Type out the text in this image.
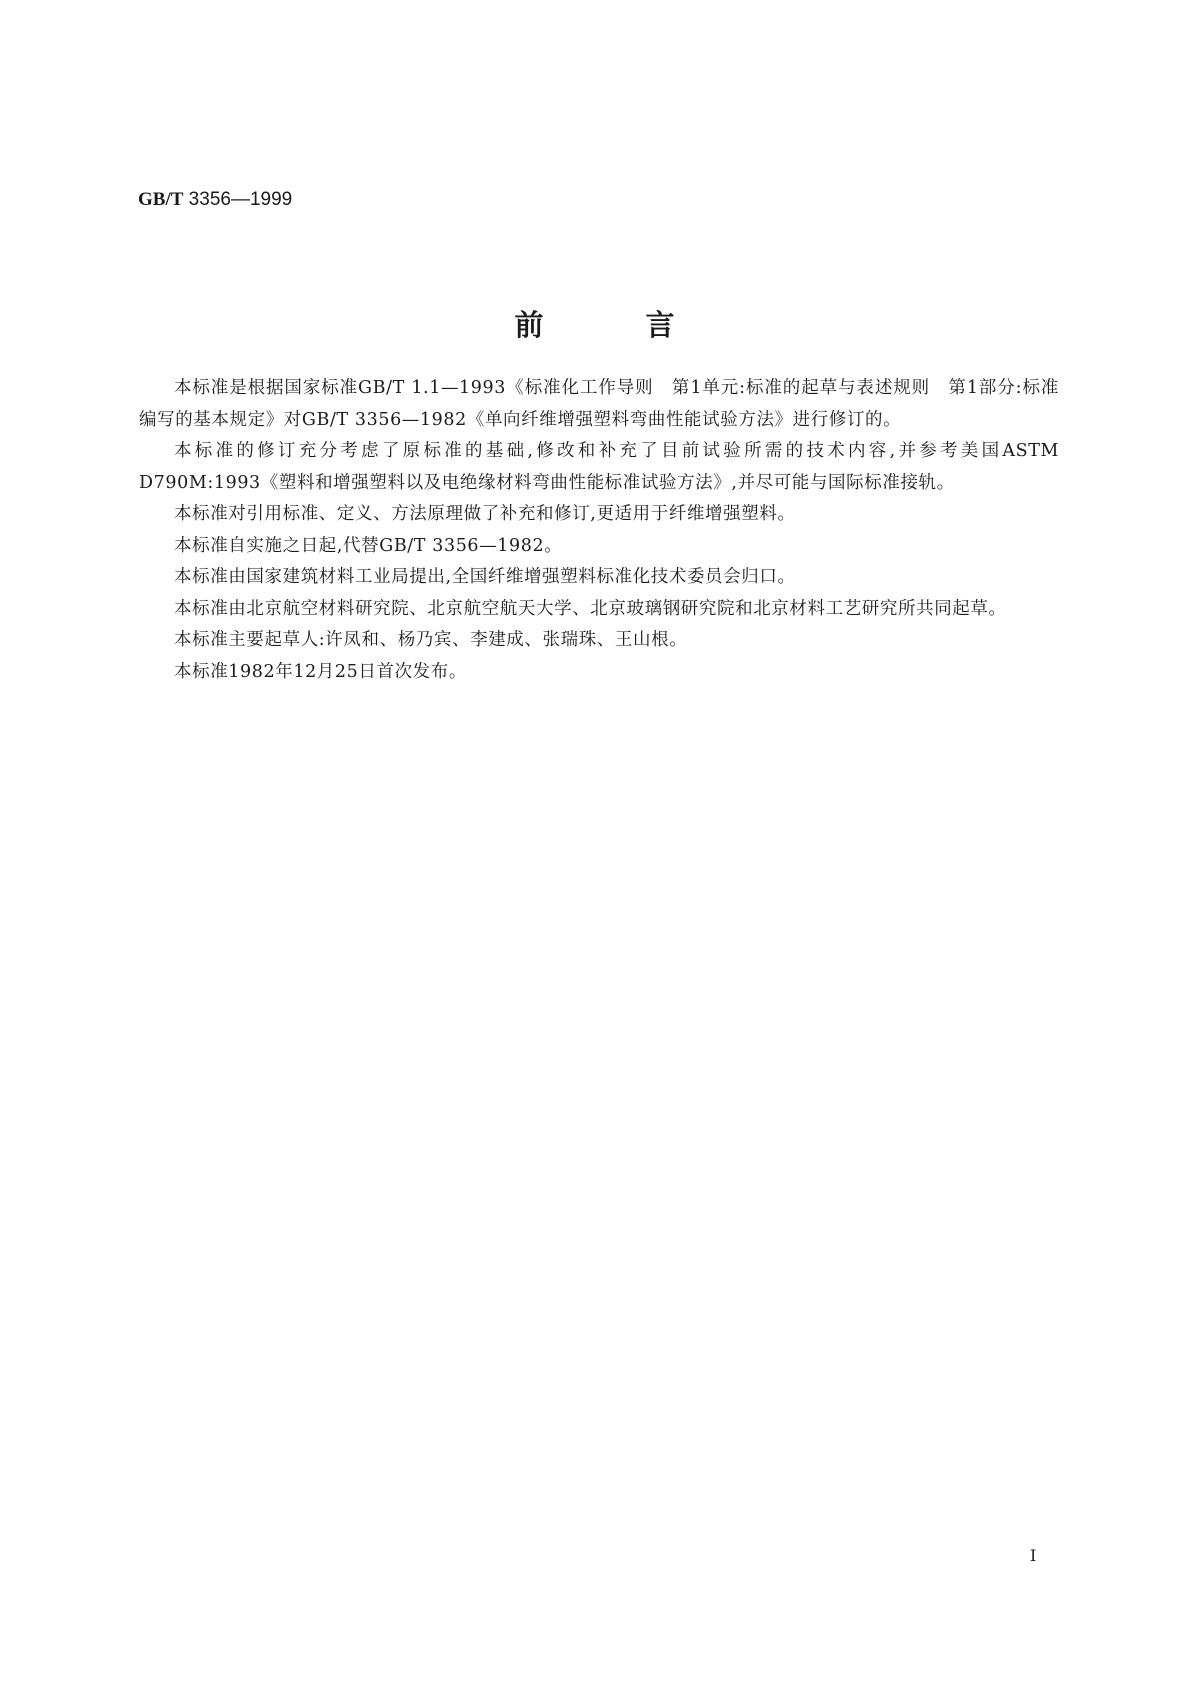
GB/T 3356—1999
前	言

本标准是根据国家标准GB/T 1.1—1993《标准化工作导则　第1单元:标准的起草与表述规则　第1部分:标准编写的基本规定》对GB/T 3356—1982《单向纤维增强塑料弯曲性能试验方法》进行修订的。

本标准的修订充分考虑了原标准的基础,修改和补充了目前试验所需的技术内容,并参考美国ASTM D790M:1993《塑料和增强塑料以及电绝缘材料弯曲性能标准试验方法》,并尽可能与国际标准接轨。

本标准对引用标准、定义、方法原理做了补充和修订,更适用于纤维增强塑料。

本标准自实施之日起,代替GB/T 3356—1982。

本标准由国家建筑材料工业局提出,全国纤维增强塑料标准化技术委员会归口。

本标准由北京航空材料研究院、北京航空航天大学、北京玻璃钢研究院和北京材料工艺研究所共同起草。

本标准主要起草人:许凤和、杨乃宾、李建成、张瑞珠、王山根。

本标准1982年12月25日首次发布。

I
